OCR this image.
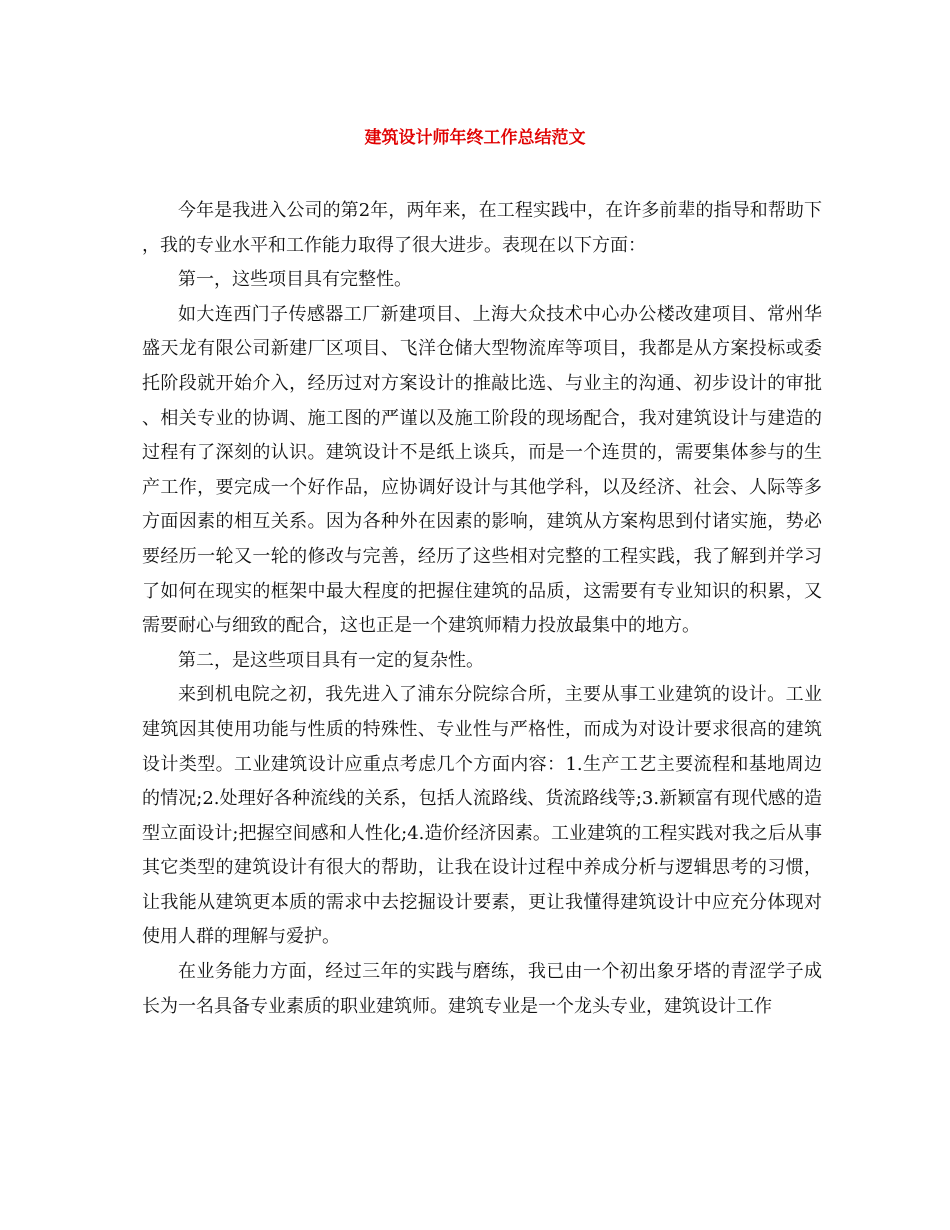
建筑设计师年终工作总结范文

今年是我进入公司的第2年，两年来，在工程实践中，在许多前辈的指导和帮助下，我的专业水平和工作能力取得了很大进步。表现在以下方面：

第一，这些项目具有完整性。

如大连西门子传感器工厂新建项目、上海大众技术中心办公楼改建项目、常州华盛天龙有限公司新建厂区项目、飞洋仓储大型物流库等项目，我都是从方案投标或委托阶段就开始介入，经历过对方案设计的推敲比选、与业主的沟通、初步设计的审批、相关专业的协调、施工图的严谨以及施工阶段的现场配合，我对建筑设计与建造的过程有了深刻的认识。建筑设计不是纸上谈兵，而是一个连贯的，需要集体参与的生产工作，要完成一个好作品，应协调好设计与其他学科，以及经济、社会、人际等多方面因素的相互关系。因为各种外在因素的影响，建筑从方案构思到付诸实施，势必要经历一轮又一轮的修改与完善，经历了这些相对完整的工程实践，我了解到并学习了如何在现实的框架中最大程度的把握住建筑的品质，这需要有专业知识的积累，又需要耐心与细致的配合，这也正是一个建筑师精力投放最集中的地方。

第二，是这些项目具有一定的复杂性。

来到机电院之初，我先进入了浦东分院综合所，主要从事工业建筑的设计。工业建筑因其使用功能与性质的特殊性、专业性与严格性，而成为对设计要求很高的建筑设计类型。工业建筑设计应重点考虑几个方面内容：1.生产工艺主要流程和基地周边的情况;2.处理好各种流线的关系，包括人流路线、货流路线等;3.新颖富有现代感的造型立面设计;把握空间感和人性化;4.造价经济因素。工业建筑的工程实践对我之后从事其它类型的建筑设计有很大的帮助，让我在设计过程中养成分析与逻辑思考的习惯，让我能从建筑更本质的需求中去挖掘设计要素，更让我懂得建筑设计中应充分体现对使用人群的理解与爱护。

在业务能力方面，经过三年的实践与磨练，我已由一个初出象牙塔的青涩学子成长为一名具备专业素质的职业建筑师。建筑专业是一个龙头专业，建筑设计工作
